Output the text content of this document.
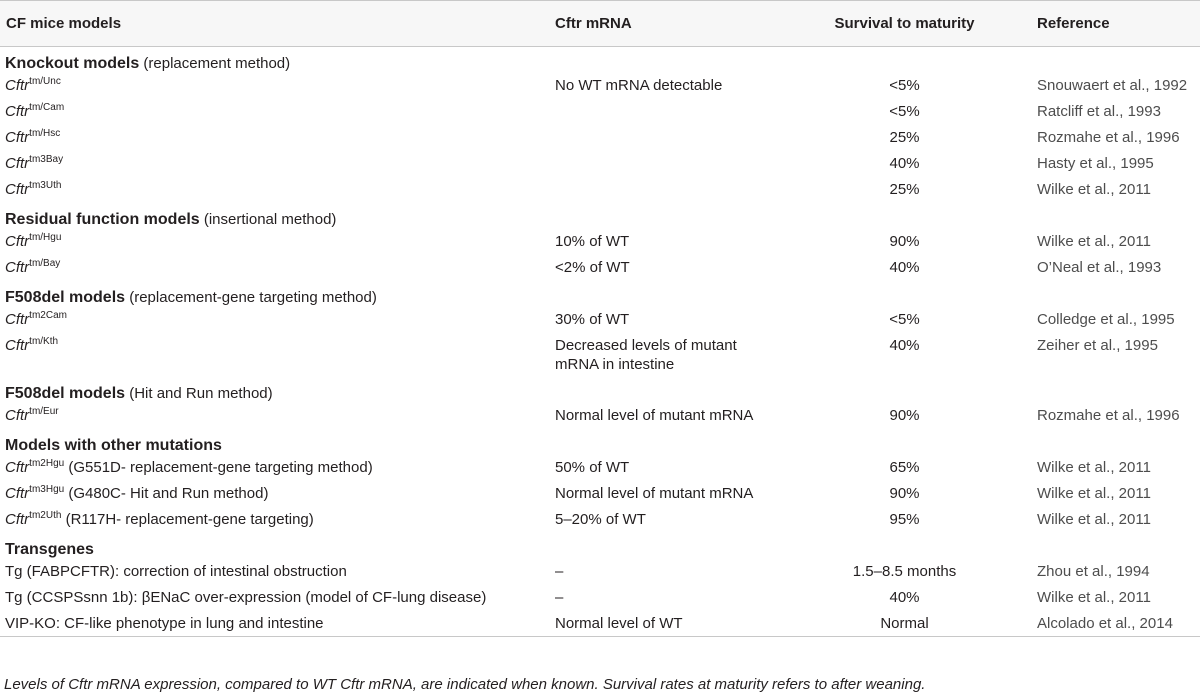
CF mice models	Cftr mRNA	Survival to maturity	Reference
Knockout models (replacement method)			
Cftr$^{tm/Unc}$	No WT mRNA detectable	<5%	Snouwaert et al., 1992
Cftr$^{tm/Cam}$		<5%	Ratcliff et al., 1993
Cftr$^{tm/Hsc}$		25%	Rozmahe et al., 1996
Cftr$^{tm3Bay}$		40%	Hasty et al., 1995
Cftr$^{tm3Uth}$		25%	Wilke et al., 2011
Residual function models (insertional method)			
Cftr$^{tm/Hgu}$	10% of WT	90%	Wilke et al., 2011
Cftr$^{tm/Bay}$	<2% of WT	40%	O’Neal et al., 1993
F508del models (replacement-gene targeting method)			
Cftr$^{tm2Cam}$	30% of WT	<5%	Colledge et al., 1995
Cftr$^{tm/Kth}$	Decreased levels of mutant mRNA in intestine	40%	Zeiher et al., 1995
F508del models (Hit and Run method)			
Cftr$^{tm/Eur}$	Normal level of mutant mRNA	90%	Rozmahe et al., 1996
Models with other mutations			
Cftr$^{tm2Hgu}$ (G551D- replacement-gene targeting method)	50% of WT	65%	Wilke et al., 2011
Cftr$^{tm3Hgu}$ (G480C- Hit and Run method)	Normal level of mutant mRNA	90%	Wilke et al., 2011
Cftr$^{tm2Uth}$ (R117H- replacement-gene targeting)	5–20% of WT	95%	Wilke et al., 2011
Transgenes			
Tg (FABPCFTR): correction of intestinal obstruction	–	1.5–8.5 months	Zhou et al., 1994
Tg (CCSPSsnn 1b): βENaC over-expression (model of CF-lung disease)	–	40%	Wilke et al., 2011
VIP-KO: CF-like phenotype in lung and intestine	Normal level of WT	Normal	Alcolado et al., 2014
Levels of Cftr mRNA expression, compared to WT Cftr mRNA, are indicated when known. Survival rates at maturity refers to after weaning.
